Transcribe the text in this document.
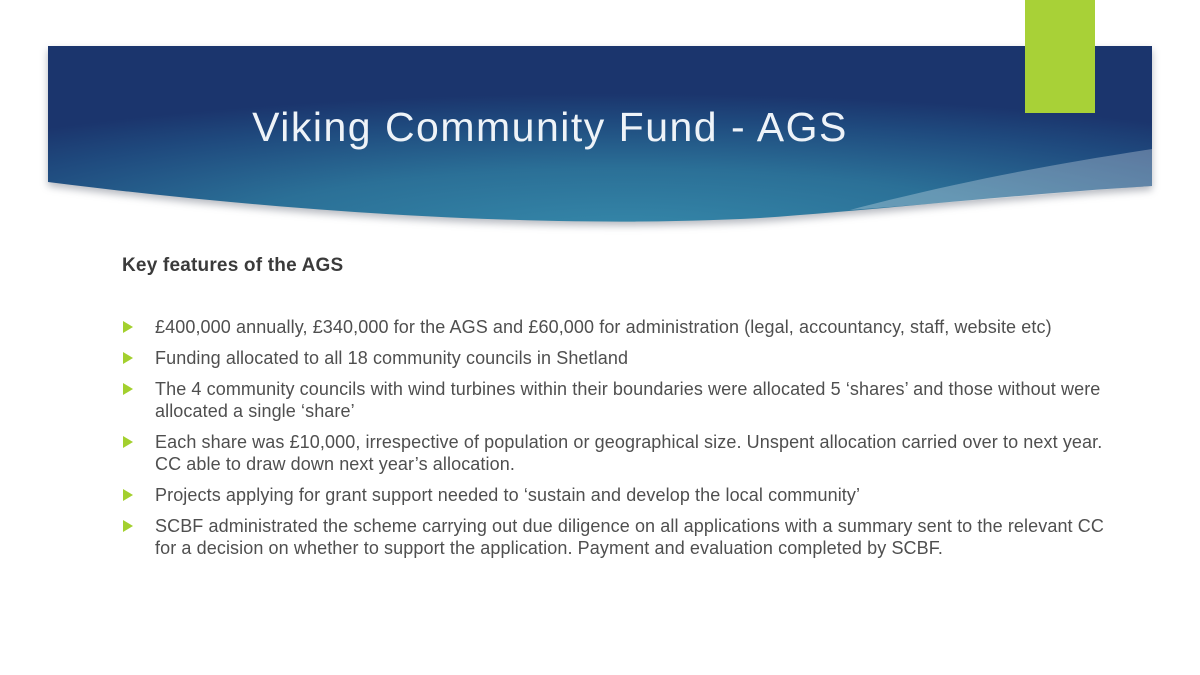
Viking Community Fund - AGS
Key features of the AGS
£400,000 annually, £340,000 for the AGS and £60,000 for administration (legal, accountancy, staff, website etc)
Funding allocated to all 18 community councils in Shetland
The 4 community councils with wind turbines within their boundaries were allocated 5 ‘shares’ and those without were allocated a single ‘share’
Each share was £10,000, irrespective of population or geographical size. Unspent allocation carried over to next year. CC able to draw down next year’s allocation.
Projects applying for grant support needed to ‘sustain and develop the local community’
SCBF administrated the scheme carrying out due diligence on all applications with a summary sent to the relevant CC for a decision on whether to support the application. Payment and evaluation completed by SCBF.
